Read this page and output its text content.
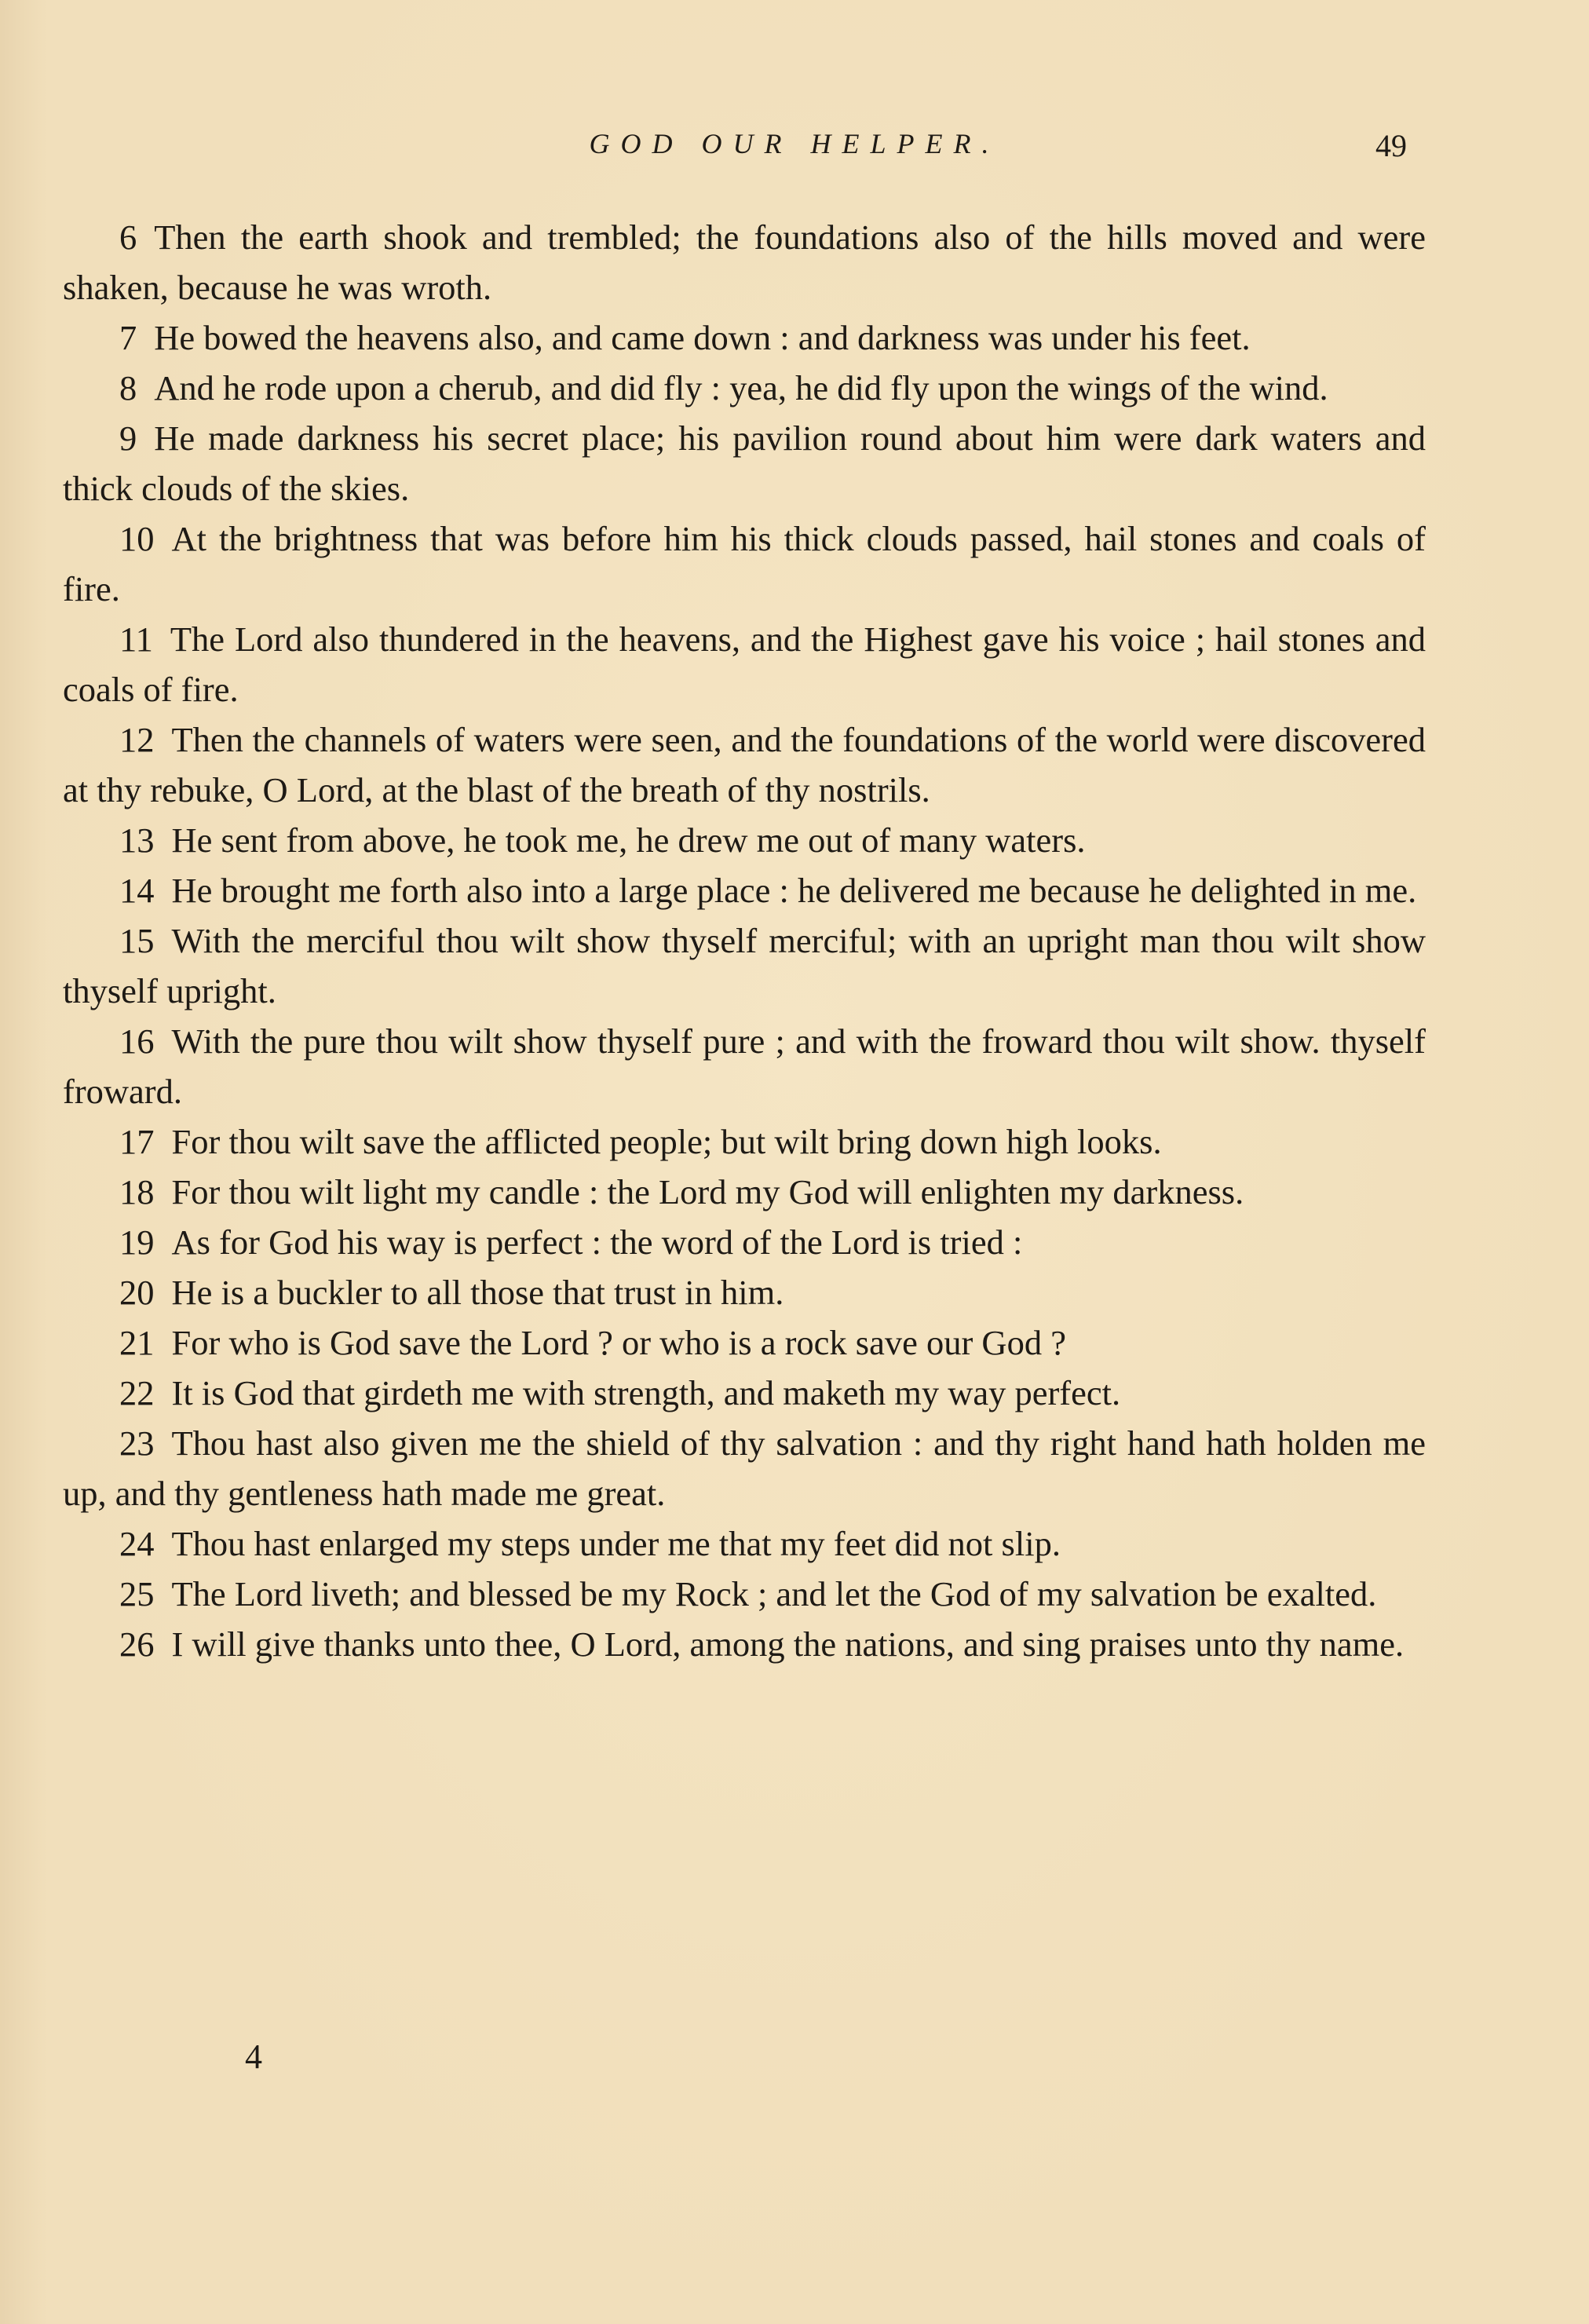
GOD OUR HELPER.	49

6 Then the earth shook and trembled; the foundations also of the hills moved and were shaken, because he was wroth.

7 He bowed the heavens also, and came down : and darkness was under his feet.

8 And he rode upon a cherub, and did fly : yea, he did fly upon the wings of the wind.

9 He made darkness his secret place; his pavilion round about him were dark waters and thick clouds of the skies.

10 At the brightness that was before him his thick clouds passed, hail stones and coals of fire.

11 The Lord also thundered in the heavens, and the Highest gave his voice ; hail stones and coals of fire.

12 Then the channels of waters were seen, and the foundations of the world were discovered at thy rebuke, O Lord, at the blast of the breath of thy nostrils.

13 He sent from above, he took me, he drew me out of many waters.

14 He brought me forth also into a large place : he delivered me because he delighted in me.

15 With the merciful thou wilt show thyself merciful; with an upright man thou wilt show thyself upright.

16 With the pure thou wilt show thyself pure ; and with the froward thou wilt show. thyself froward.

17 For thou wilt save the afflicted people; but wilt bring down high looks.

18 For thou wilt light my candle : the Lord my God will enlighten my darkness.

19 As for God his way is perfect : the word of the Lord is tried :

20 He is a buckler to all those that trust in him.

21 For who is God save the Lord ? or who is a rock save our God ?

22 It is God that girdeth me with strength, and maketh my way perfect.

23 Thou hast also given me the shield of thy salvation : and thy right hand hath holden me up, and thy gentleness hath made me great.

24 Thou hast enlarged my steps under me that my feet did not slip.

25 The Lord liveth; and blessed be my Rock ; and let the God of my salvation be exalted.

26 I will give thanks unto thee, O Lord, among the nations, and sing praises unto thy name.

4
